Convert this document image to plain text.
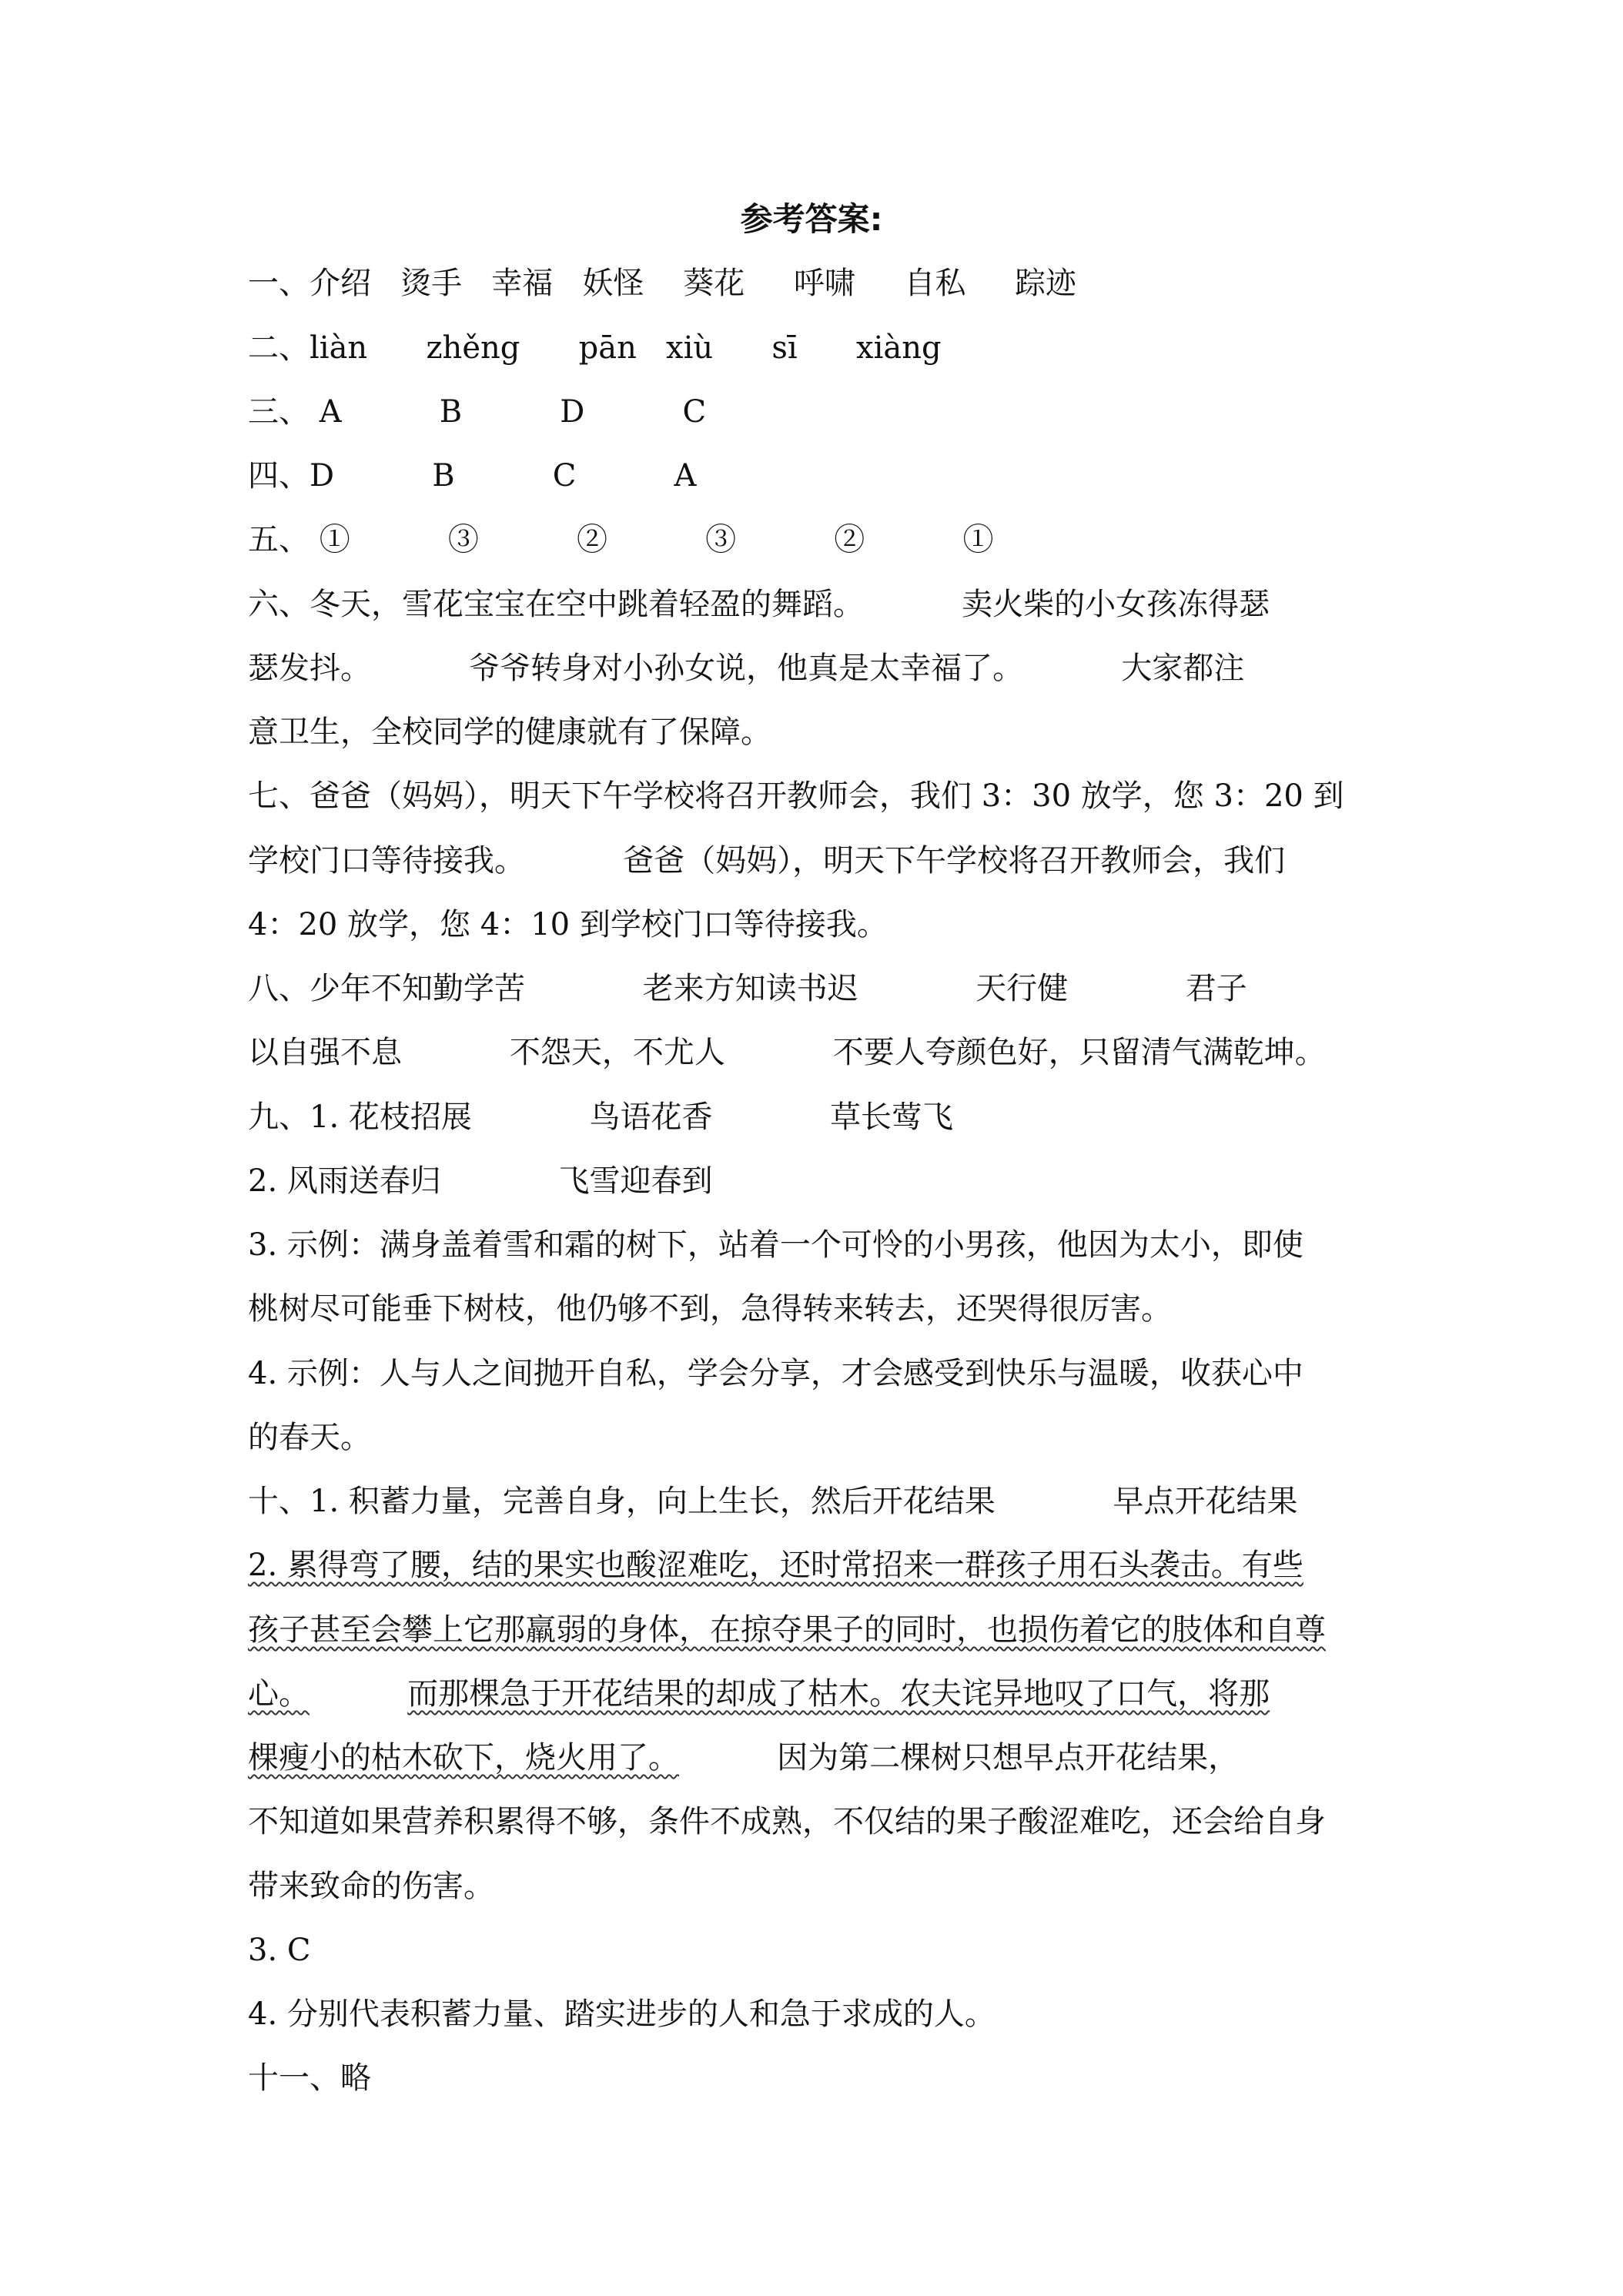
参考答案:
一、介绍   烫手   幸福   妖怪    葵花     呼啸     自私     踪迹
二、liàn      zhěng      pān   xiù      sī      xiàng
三、 A          B          D          C
四、D          B          C          A
五、 ①          ③          ②          ③          ②          ①
六、冬天，雪花宝宝在空中跳着轻盈的舞蹈。          卖火柴的小女孩冻得瑟
瑟发抖。          爷爷转身对小孙女说，他真是太幸福了。          大家都注
意卫生，全校同学的健康就有了保障。
七、爸爸（妈妈），明天下午学校将召开教师会，我们 3：30 放学，您 3：20 到
学校门口等待接我。          爸爸（妈妈），明天下午学校将召开教师会，我们
4：20 放学，您 4：10 到学校门口等待接我。
八、少年不知勤学苦            老来方知读书迟            天行健            君子
以自强不息           不怨天，不尤人           不要人夸颜色好，只留清气满乾坤。
九、1. 花枝招展            鸟语花香            草长莺飞
2. 风雨送春归            飞雪迎春到
3. 示例：满身盖着雪和霜的树下，站着一个可怜的小男孩，他因为太小，即使
桃树尽可能垂下树枝，他仍够不到，急得转来转去，还哭得很厉害。
4. 示例：人与人之间抛开自私，学会分享，才会感受到快乐与温暖，收获心中
的春天。
十、1. 积蓄力量，完善自身，向上生长，然后开花结果            早点开花结果
2. 累得弯了腰，结的果实也酸涩难吃，还时常招来一群孩子用石头袭击。有些
孩子甚至会攀上它那羸弱的身体，在掠夺果子的同时，也损伤着它的肢体和自尊
心。	而那棵急于开花结果的却成了枯木。农夫诧异地叹了口气，将那
棵瘦小的枯木砍下，烧火用了。          因为第二棵树只想早点开花结果，
不知道如果营养积累得不够，条件不成熟，不仅结的果子酸涩难吃，还会给自身
带来致命的伤害。
3. C
4. 分别代表积蓄力量、踏实进步的人和急于求成的人。
十一、略
